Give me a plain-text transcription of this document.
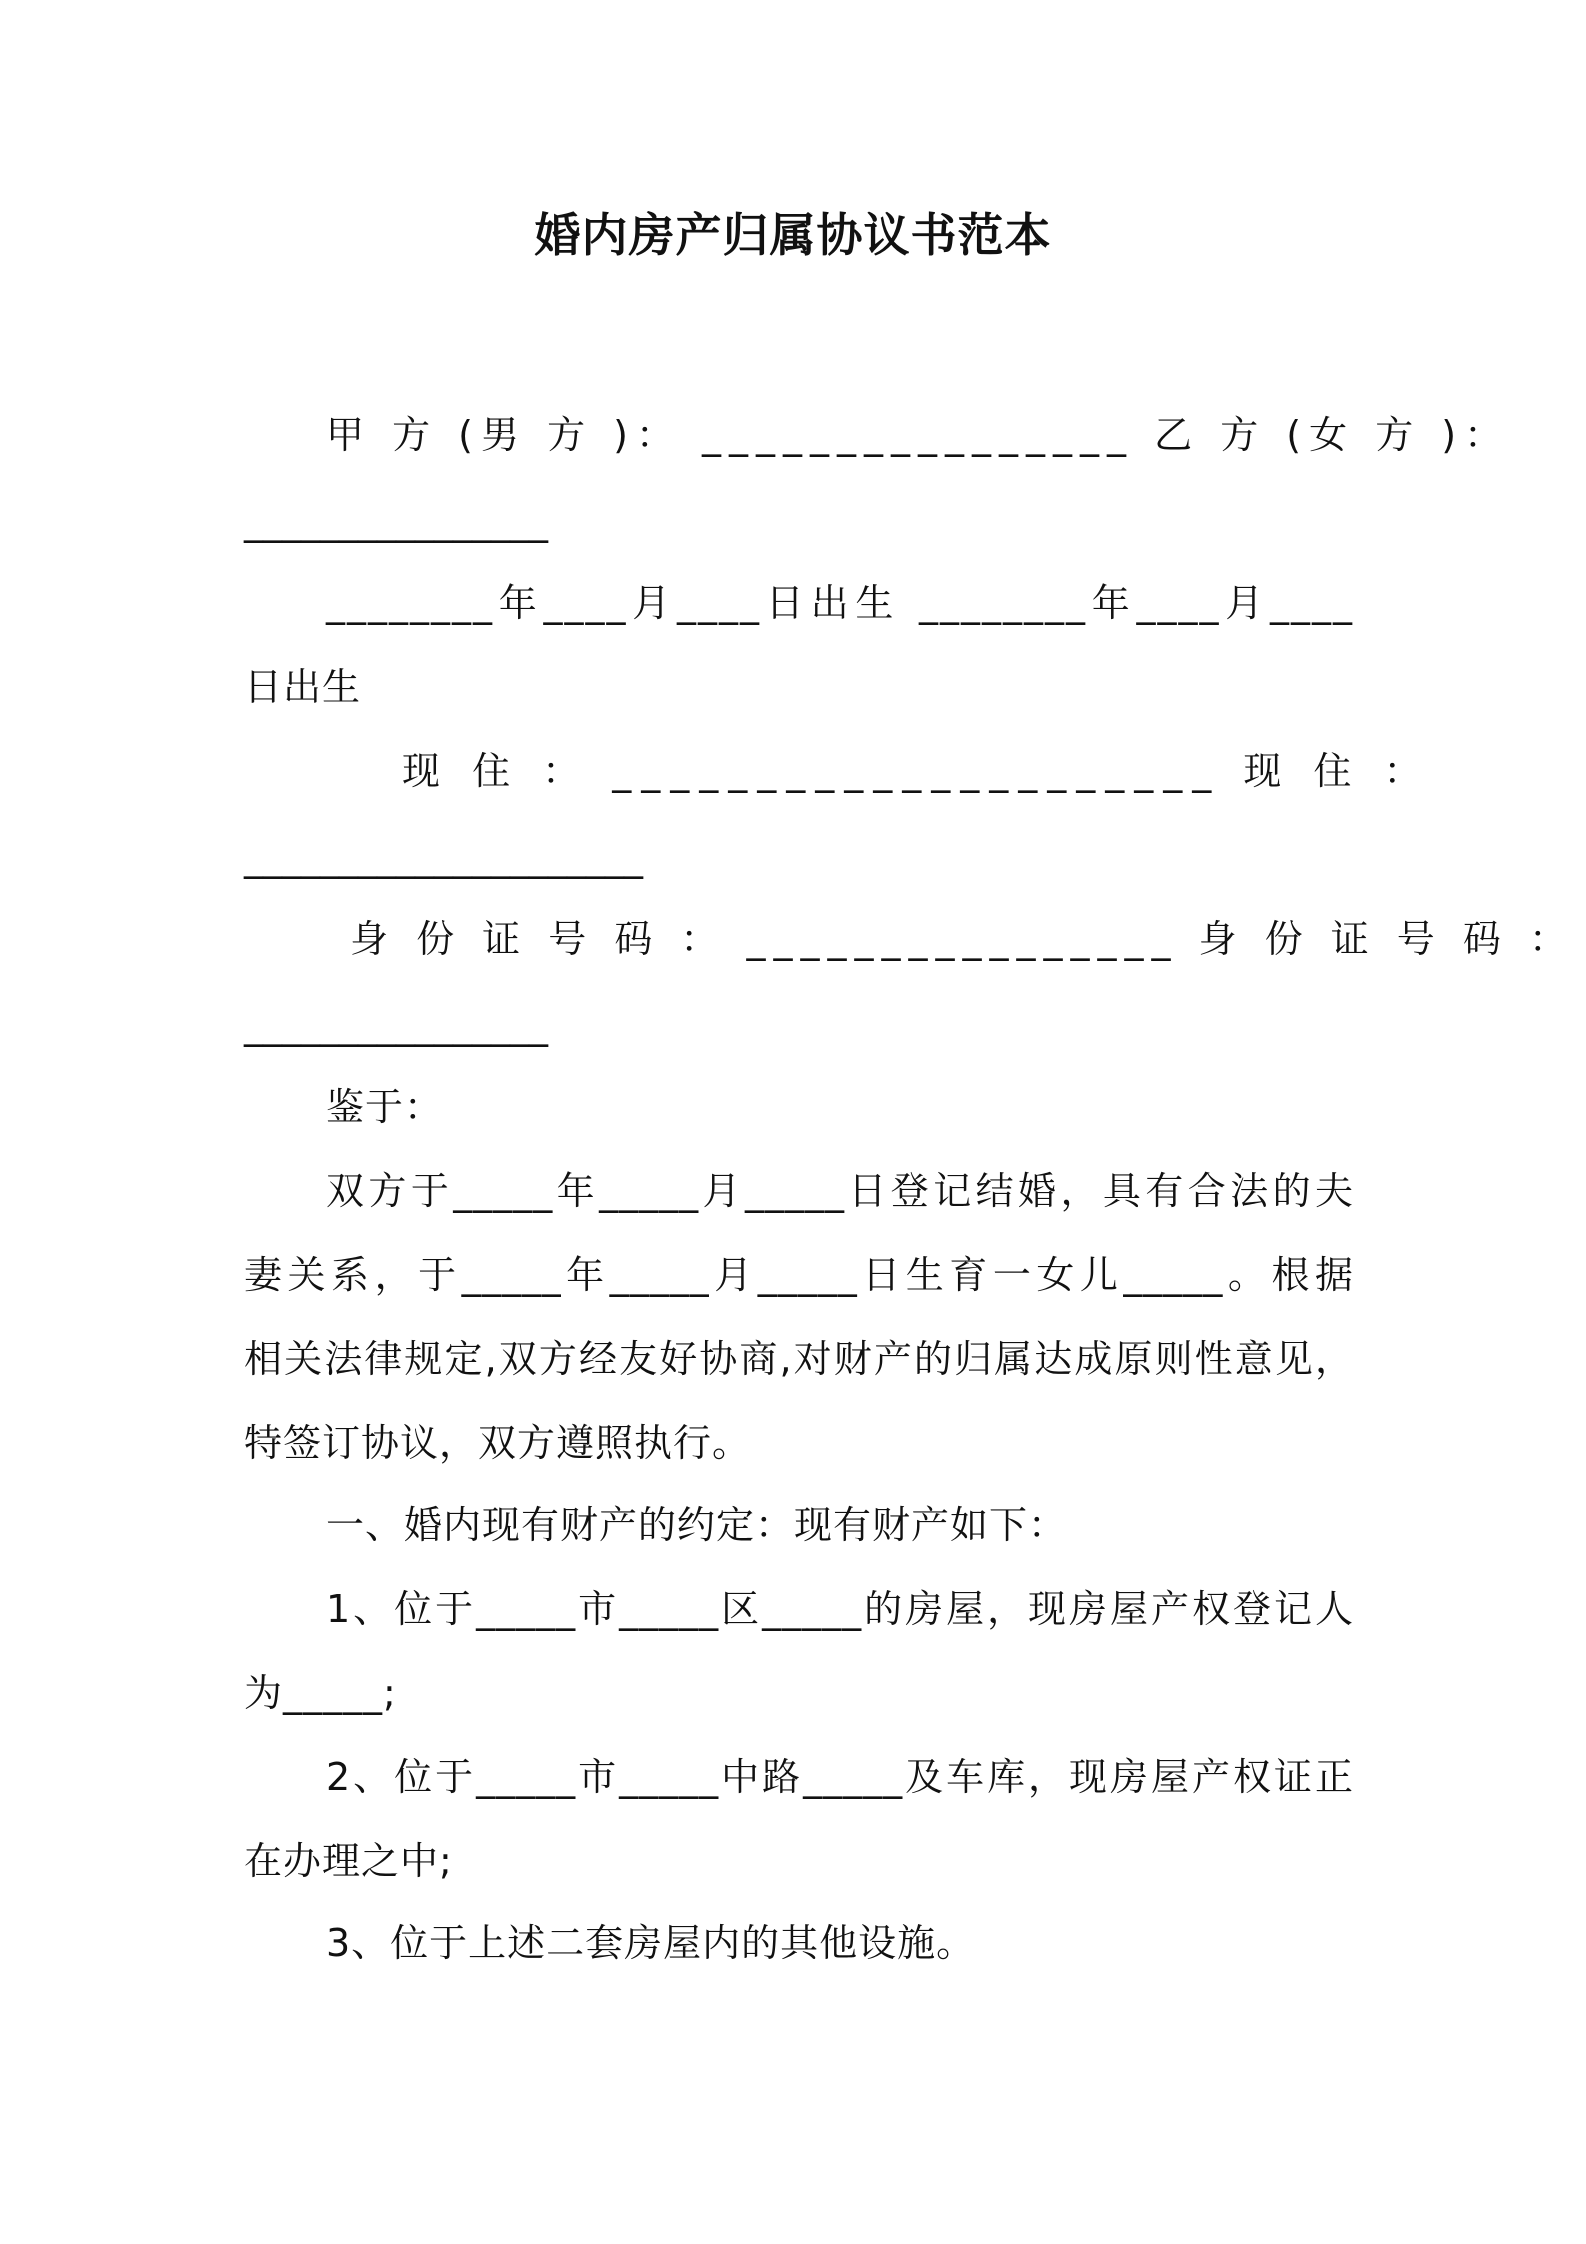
婚内房产归属协议书范本
甲 方 (男 方 )： ________________ 乙 方 (女 方 )：
________________
________年____月____日出生 ________年____月____
日出生
现 住 ： _____________________ 现 住 ：
_____________________
身 份 证 号 码 ： ________________ 身 份 证 号 码 ：
________________
鉴于：
双方于_____年_____月_____日登记结婚，具有合法的夫
妻关系，于_____年_____月_____日生育一女儿_____。根据
相关法律规定,双方经友好协商,对财产的归属达成原则性意见，
特签订协议，双方遵照执行。
一、婚内现有财产的约定：现有财产如下：
1、位于_____市_____区_____的房屋，现房屋产权登记人
为_____;
2、位于_____市_____中路_____及车库，现房屋产权证正
在办理之中;
3、位于上述二套房屋内的其他设施。
